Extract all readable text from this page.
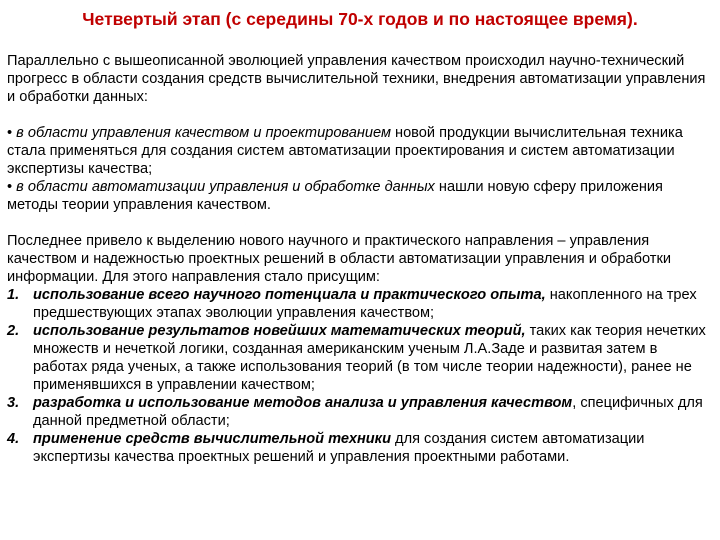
Четвертый этап (с середины 70-х годов и по настоящее время).

Параллельно с вышеописанной эволюцией управления качеством происходил научно-технический прогресс в области создания средств вычислительной техники, внедрения автоматизации управления и обработки данных:

• в области управления качеством и проектированием новой продукции вычислительная техника стала применяться для создания систем автоматизации проектирования и систем автоматизации экспертизы качества;

• в области автоматизации управления и обработке данных нашли новую сферу приложения методы теории управления качеством.

Последнее привело к выделению нового научного и практического направления – управления качеством и надежностью проектных решений в области автоматизации управления и обработки информации. Для этого направления стало присущим:

1. использование всего научного потенциала и практического опыта, накопленного на трех предшествующих этапах эволюции управления качеством;
2. использование результатов новейших математических теорий, таких как теория нечетких множеств и нечеткой логики, созданная американским ученым Л.А.Заде и развитая затем в работах ряда ученых, а также использования теорий (в том числе теории надежности), ранее не применявшихся в управлении качеством;
3. разработка и использование методов анализа и управления качеством, специфичных для данной предметной области;
4. применение средств вычислительной техники для создания систем автоматизации экспертизы качества проектных решений и управления проектными работами.
